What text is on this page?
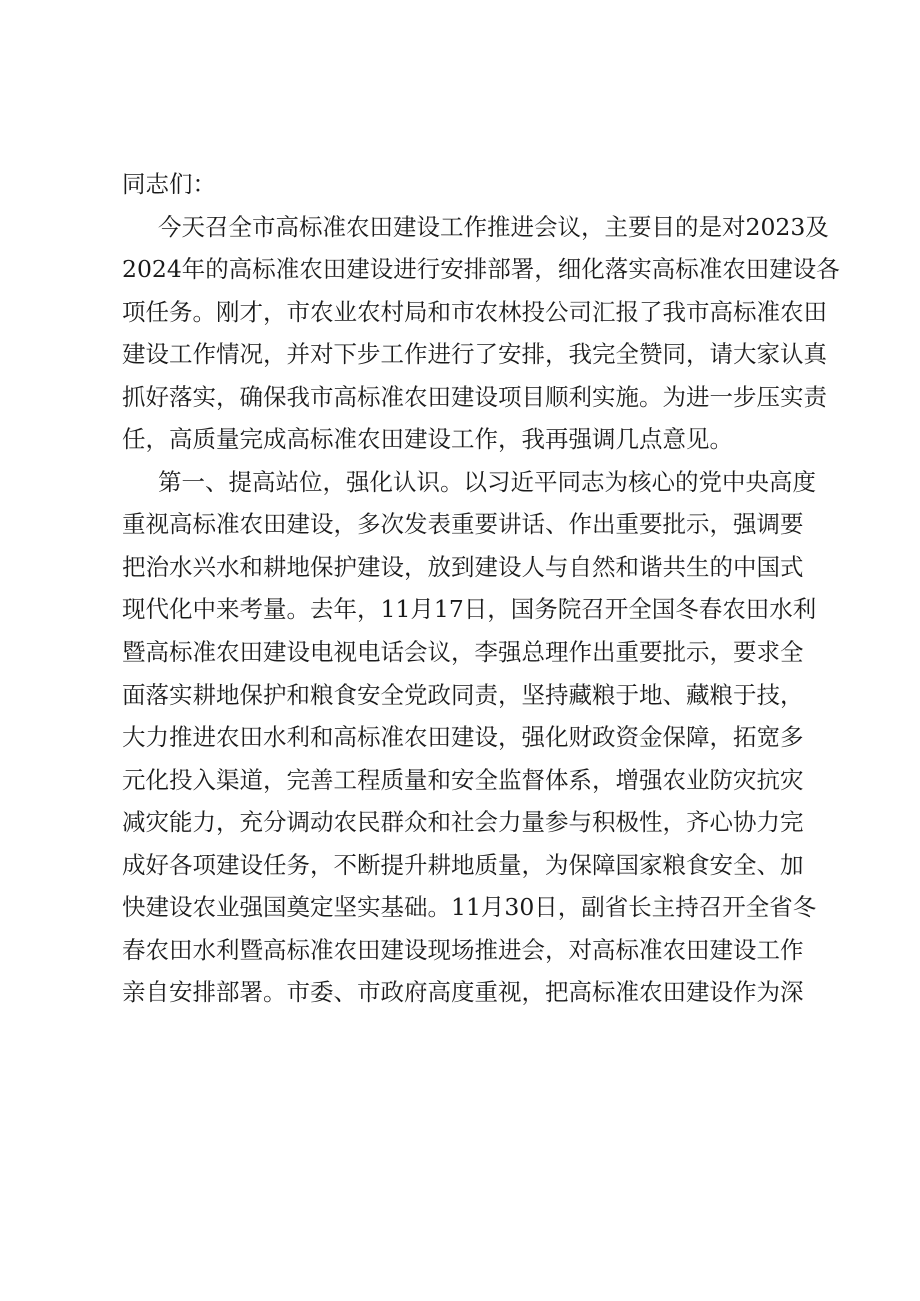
同志们：
今天召全市高标准农田建设工作推进会议，主要目的是对2023及
2024年的高标准农田建设进行安排部署，细化落实高标准农田建设各
项任务。刚才，市农业农村局和市农林投公司汇报了我市高标准农田
建设工作情况，并对下步工作进行了安排，我完全赞同，请大家认真
抓好落实，确保我市高标准农田建设项目顺利实施。为进一步压实责
任，高质量完成高标准农田建设工作，我再强调几点意见。
第一、提高站位，强化认识。以习近平同志为核心的党中央高度
重视高标准农田建设，多次发表重要讲话、作出重要批示，强调要
把治水兴水和耕地保护建设，放到建设人与自然和谐共生的中国式
现代化中来考量。去年，11月17日，国务院召开全国冬春农田水利
暨高标准农田建设电视电话会议，李强总理作出重要批示，要求全
面落实耕地保护和粮食安全党政同责，坚持藏粮于地、藏粮于技，
大力推进农田水利和高标准农田建设，强化财政资金保障，拓宽多
元化投入渠道，完善工程质量和安全监督体系，增强农业防灾抗灾
减灾能力，充分调动农民群众和社会力量参与积极性，齐心协力完
成好各项建设任务，不断提升耕地质量，为保障国家粮食安全、加
快建设农业强国奠定坚实基础。11月30日，副省长主持召开全省冬
春农田水利暨高标准农田建设现场推进会，对高标准农田建设工作
亲自安排部署。市委、市政府高度重视，把高标准农田建设作为深
